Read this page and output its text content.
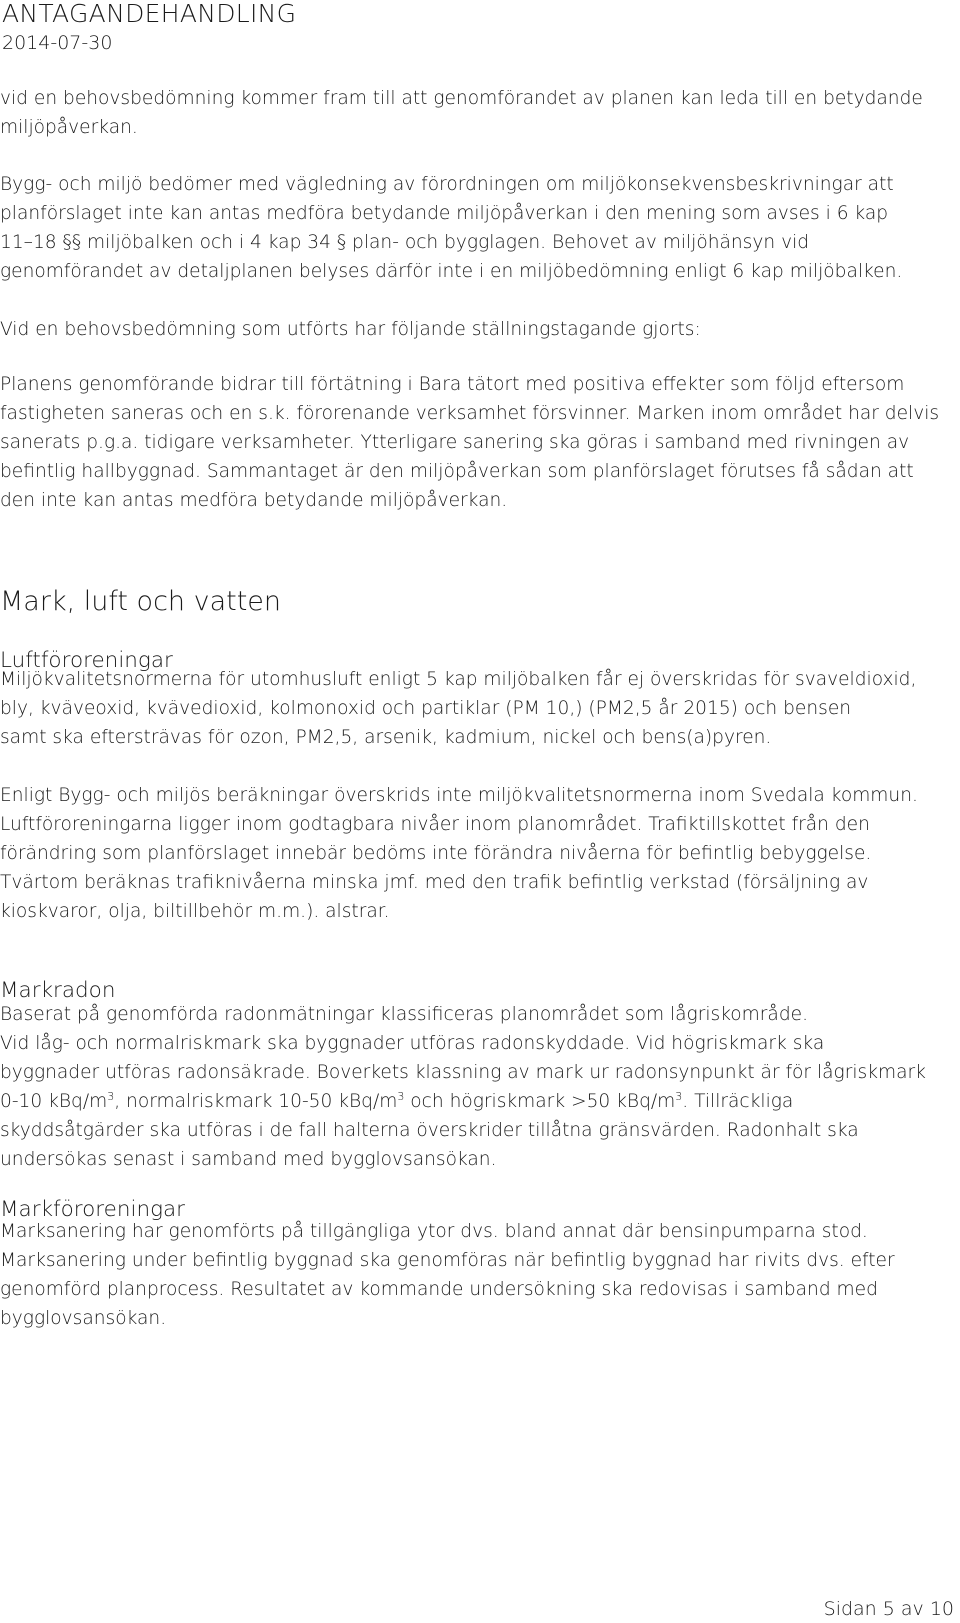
ANTAGANDEHANDLING
2014-07-30
vid en behovsbedömning kommer fram till att genomförandet av planen kan leda till en betydande
miljöpåverkan.
Bygg- och miljö bedömer med vägledning av förordningen om miljökonsekvensbeskrivningar att
planförslaget inte kan antas medföra betydande miljöpåverkan i den mening som avses i 6 kap
11–18 §§ miljöbalken och i 4 kap 34 § plan- och bygglagen. Behovet av miljöhänsyn vid
genomförandet av detaljplanen belyses därför inte i en miljöbedömning enligt 6 kap miljöbalken.
Vid en behovsbedömning som utförts har följande ställningstagande gjorts:
Planens genomförande bidrar till förtätning i Bara tätort med positiva effekter som följd eftersom
fastigheten saneras och en s.k. förorenande verksamhet försvinner. Marken inom området har delvis
sanerats p.g.a. tidigare verksamheter. Ytterligare sanering ska göras i samband med rivningen av
befintlig hallbyggnad. Sammantaget är den miljöpåverkan som planförslaget förutses få sådan att
den inte kan antas medföra betydande miljöpåverkan.
Mark, luft och vatten
Luftföroreningar
Miljökvalitetsnormerna för utomhusluft enligt 5 kap miljöbalken får ej överskridas för svaveldioxid,
bly, kväveoxid, kvävedioxid, kolmonoxid och partiklar (PM 10,) (PM2,5 år 2015) och bensen
samt ska eftersträvas för ozon, PM2,5, arsenik, kadmium, nickel och bens(a)pyren.
Enligt Bygg- och miljös beräkningar överskrids inte miljökvalitetsnormerna inom Svedala kommun.
Luftföroreningarna ligger inom godtagbara nivåer inom planområdet. Trafiktillskottet från den
förändring som planförslaget innebär bedöms inte förändra nivåerna för befintlig bebyggelse.
Tvärtom beräknas trafiknivåerna minska jmf. med den trafik befintlig verkstad (försäljning av
kioskvaror, olja, biltillbehör m.m.). alstrar.
Markradon
Baserat på genomförda radonmätningar klassificeras planområdet som lågriskområde.
Vid låg- och normalriskmark ska byggnader utföras radonskyddade. Vid högriskmark ska
byggnader utföras radonsäkrade. Boverkets klassning av mark ur radonsynpunkt är för lågriskmark
0-10 kBq/$m^3$, normalriskmark 10-50 kBq/$m^3$ och högriskmark >50 kBq/$m^3$. Tillräckliga
skyddsåtgärder ska utföras i de fall halterna överskrider tillåtna gränsvärden. Radonhalt ska
undersökas senast i samband med bygglovsansökan.
Markföroreningar
Marksanering har genomförts på tillgängliga ytor dvs. bland annat där bensinpumparna stod.
Marksanering under befintlig byggnad ska genomföras när befintlig byggnad har rivits dvs. efter
genomförd planprocess. Resultatet av kommande undersökning ska redovisas i samband med
bygglovsansökan.
Sidan 5 av 10
